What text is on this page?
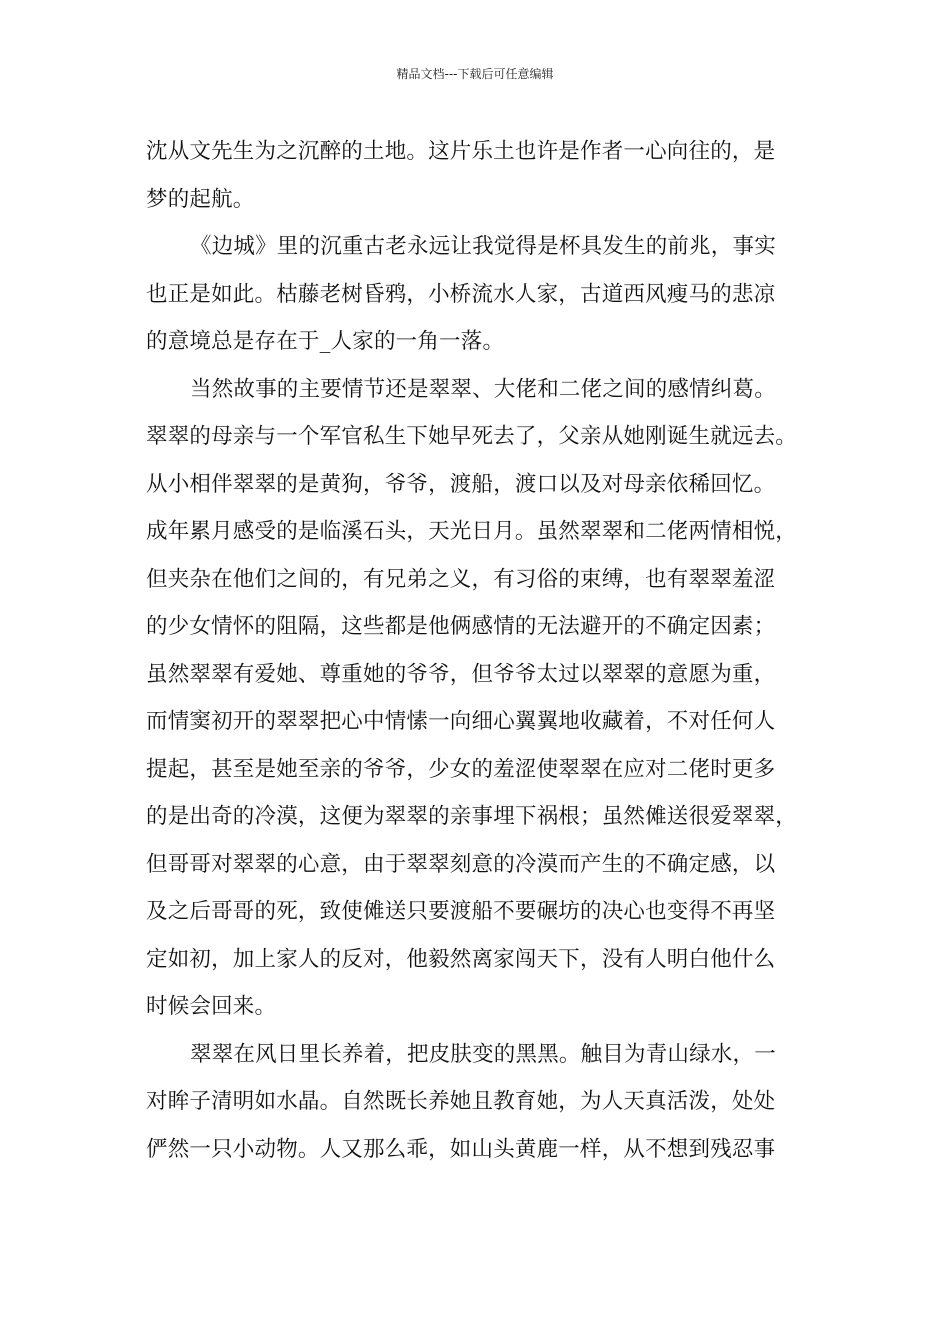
精品文档---下载后可任意编辑
沈从文先生为之沉醉的土地。这片乐土也许是作者一心向往的，是
梦的起航。
《边城》里的沉重古老永远让我觉得是杯具发生的前兆，事实
也正是如此。枯藤老树昏鸦，小桥流水人家，古道西风瘦马的悲凉
的意境总是存在于_人家的一角一落。
当然故事的主要情节还是翠翠、大佬和二佬之间的感情纠葛。
翠翠的母亲与一个军官私生下她早死去了，父亲从她刚诞生就远去。
从小相伴翠翠的是黄狗，爷爷，渡船，渡口以及对母亲依稀回忆。
成年累月感受的是临溪石头，天光日月。虽然翠翠和二佬两情相悦，
但夹杂在他们之间的，有兄弟之义，有习俗的束缚，也有翠翠羞涩
的少女情怀的阻隔，这些都是他俩感情的无法避开的不确定因素；
虽然翠翠有爱她、尊重她的爷爷，但爷爷太过以翠翠的意愿为重，
而情窦初开的翠翠把心中情愫一向细心翼翼地收藏着，不对任何人
提起，甚至是她至亲的爷爷，少女的羞涩使翠翠在应对二佬时更多
的是出奇的冷漠，这便为翠翠的亲事埋下祸根；虽然傩送很爱翠翠，
但哥哥对翠翠的心意，由于翠翠刻意的冷漠而产生的不确定感，以
及之后哥哥的死，致使傩送只要渡船不要碾坊的决心也变得不再坚
定如初，加上家人的反对，他毅然离家闯天下，没有人明白他什么
时候会回来。
翠翠在风日里长养着，把皮肤变的黑黑。触目为青山绿水，一
对眸子清明如水晶。自然既长养她且教育她，为人天真活泼，处处
俨然一只小动物。人又那么乖，如山头黄鹿一样，从不想到残忍事
